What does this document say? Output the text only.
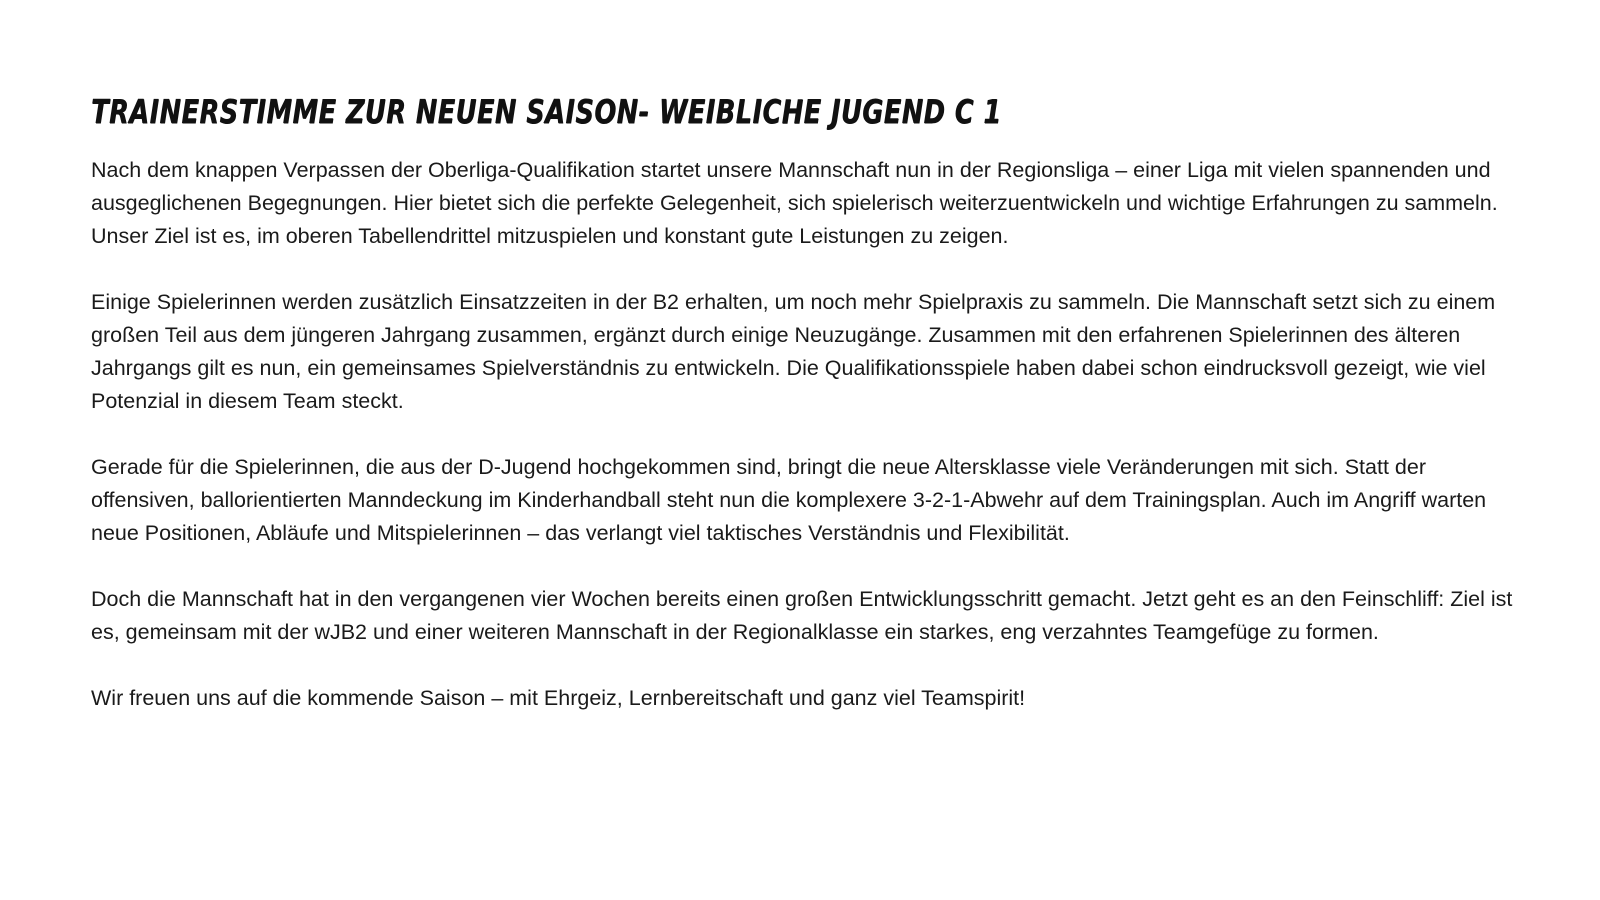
TRAINERSTIMME ZUR NEUEN SAISON- WEIBLICHE JUGEND C 1

Nach dem knappen Verpassen der Oberliga-Qualifikation startet unsere Mannschaft nun in der Regionsliga – einer Liga mit vielen spannenden und ausgeglichenen Begegnungen. Hier bietet sich die perfekte Gelegenheit, sich spielerisch weiterzuentwickeln und wichtige Erfahrungen zu sammeln. Unser Ziel ist es, im oberen Tabellendrittel mitzuspielen und konstant gute Leistungen zu zeigen.

Einige Spielerinnen werden zusätzlich Einsatzzeiten in der B2 erhalten, um noch mehr Spielpraxis zu sammeln. Die Mannschaft setzt sich zu einem großen Teil aus dem jüngeren Jahrgang zusammen, ergänzt durch einige Neuzugänge. Zusammen mit den erfahrenen Spielerinnen des älteren Jahrgangs gilt es nun, ein gemeinsames Spielverständnis zu entwickeln. Die Qualifikationsspiele haben dabei schon eindrucksvoll gezeigt, wie viel Potenzial in diesem Team steckt.

Gerade für die Spielerinnen, die aus der D-Jugend hochgekommen sind, bringt die neue Altersklasse viele Veränderungen mit sich. Statt der offensiven, ballorientierten Manndeckung im Kinderhandball steht nun die komplexere 3-2-1-Abwehr auf dem Trainingsplan. Auch im Angriff warten neue Positionen, Abläufe und Mitspielerinnen – das verlangt viel taktisches Verständnis und Flexibilität.

Doch die Mannschaft hat in den vergangenen vier Wochen bereits einen großen Entwicklungsschritt gemacht. Jetzt geht es an den Feinschliff: Ziel ist es, gemeinsam mit der wJB2 und einer weiteren Mannschaft in der Regionalklasse ein starkes, eng verzahntes Teamgefüge zu formen.

Wir freuen uns auf die kommende Saison – mit Ehrgeiz, Lernbereitschaft und ganz viel Teamspirit!
